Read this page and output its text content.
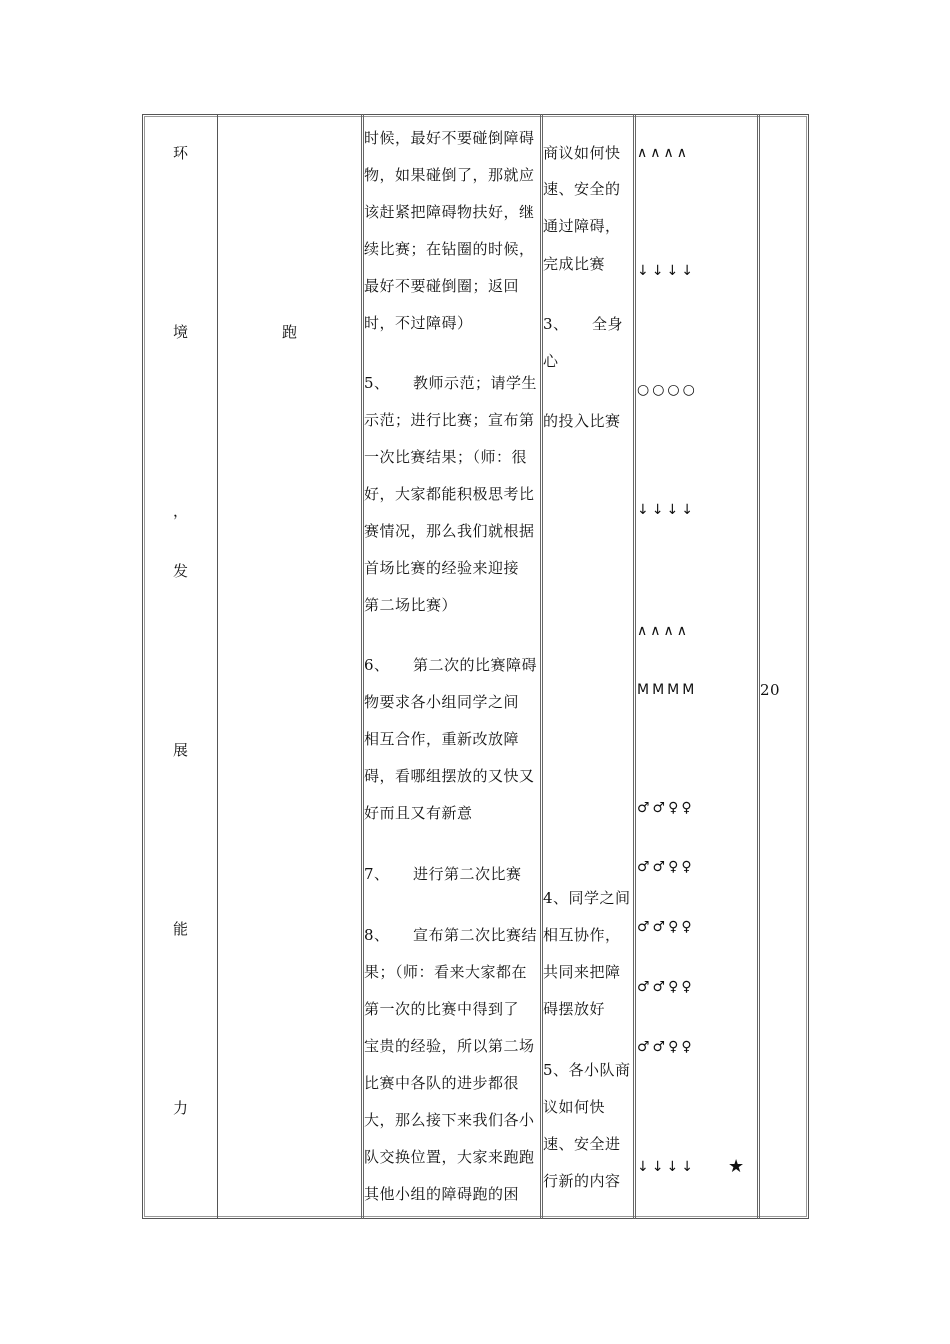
环
境
，
发
展
能
力
跑
时候，最好不要碰倒障碍
物，如果碰倒了，那就应
该赶紧把障碍物扶好，继
续比赛；在钻圈的时候，
最好不要碰倒圈；返回
时，不过障碍）
5、　　教师示范；请学生
示范；进行比赛；宣布第
一次比赛结果；（师：很
好，大家都能积极思考比
赛情况，那么我们就根据
首场比赛的经验来迎接
第二场比赛）
6、　　第二次的比赛障碍
物要求各小组同学之间
相互合作，重新改放障
碍，看哪组摆放的又快又
好而且又有新意
7、　　进行第二次比赛
8、　　宣布第二次比赛结
果；（师：看来大家都在
第一次的比赛中得到了
宝贵的经验，所以第二场
比赛中各队的进步都很
大，那么接下来我们各小
队交换位置，大家来跑跑
其他小组的障碍跑的困
商议如何快
速、安全的
通过障碍，
完成比赛
3、　　全身
心
的投入比赛
4、同学之间
相互协作，
共同来把障
碍摆放好
5、各小队商
议如何快
速、安全进
行新的内容
∧∧∧∧
↓↓↓↓
○○○○
↓↓↓↓
∧∧∧∧
MMMM
♂♂♀♀
♂♂♀♀
♂♂♀♀
♂♂♀♀
♂♂♀♀
↓↓↓↓ ★
20
